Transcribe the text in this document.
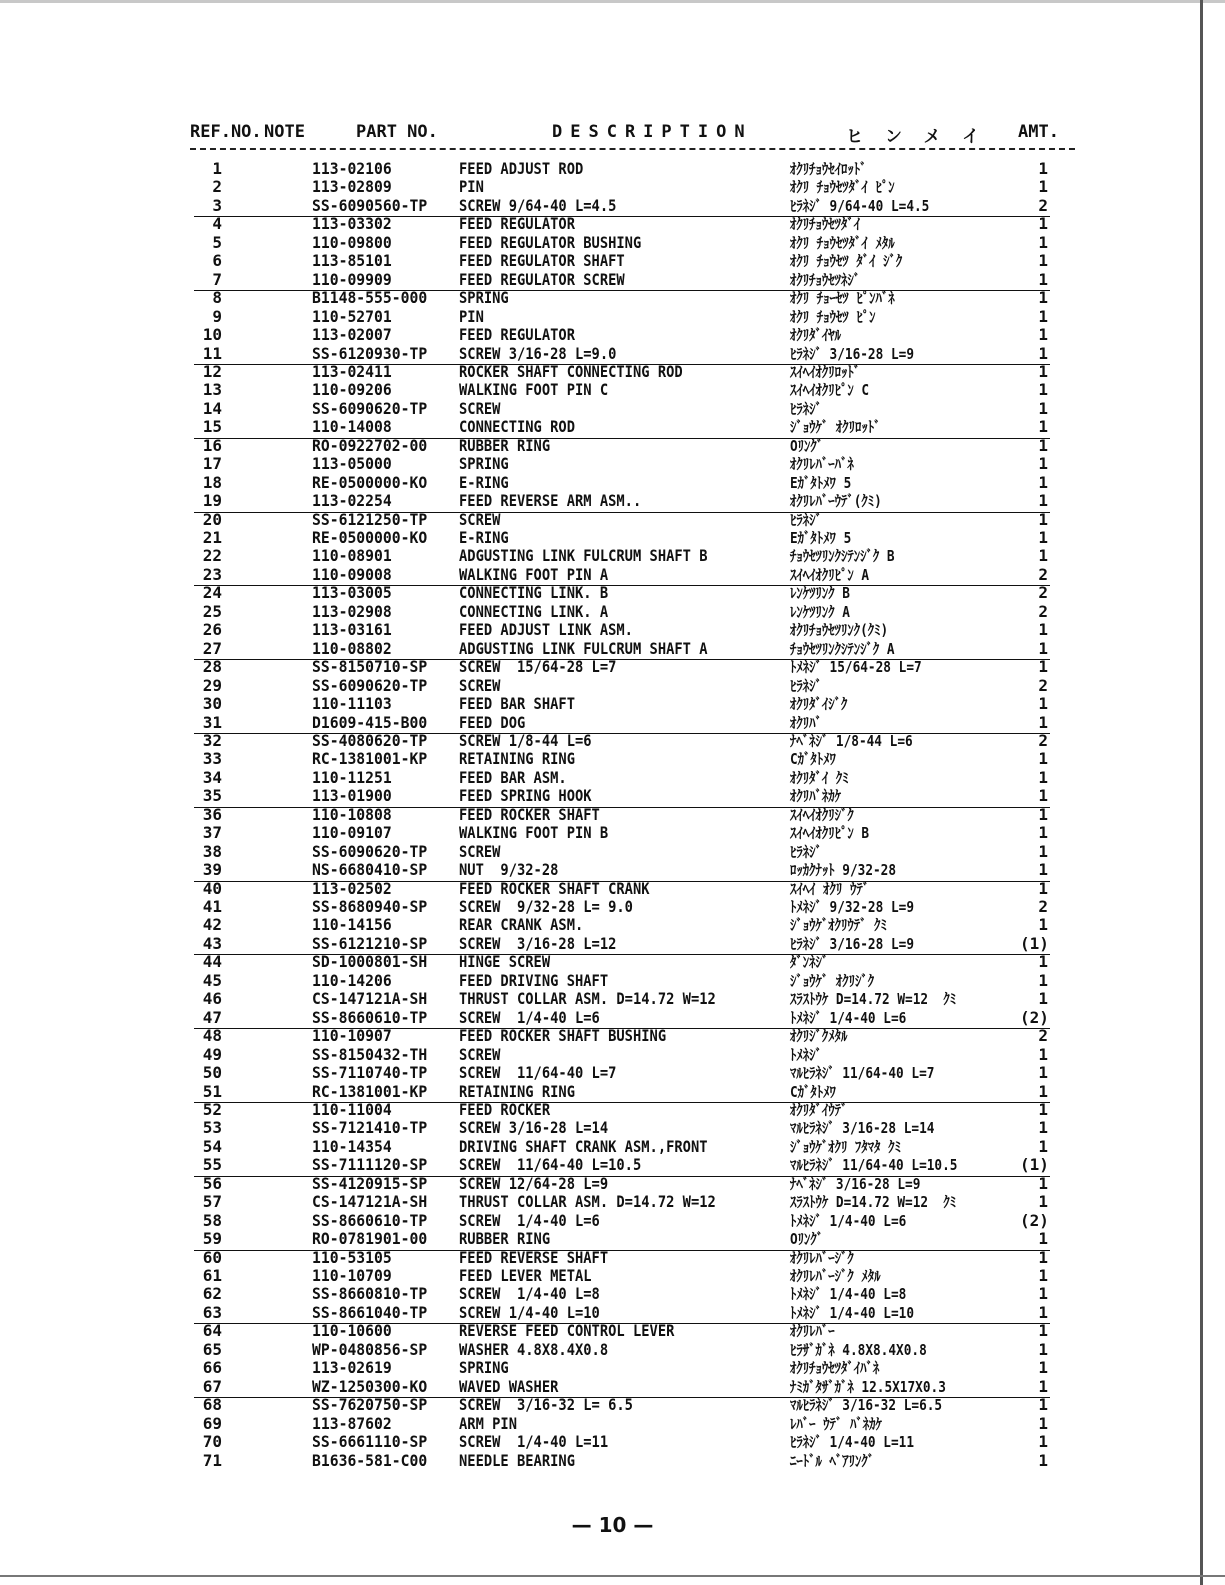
REF.NO. NOTE	PART NO.	DESCRIPTION	ヒンメイ AMT.
1	113-02106	FEED ADJUST ROD	ｵｸﾘﾁｮｳｾｲﾛｯﾄﾞ	1
2	113-02809	PIN	ｵｸﾘ ﾁｮｳｾﾂﾀﾞｲ ﾋﾟﾝ	1
3	SS-6090560-TP SCREW 9/64-40 L=4.5	ﾋﾗﾈｼﾞ 9/64-40 L=4.5	2
4	113-03302	FEED REGULATOR	ｵｸﾘﾁｮｳｾﾂﾀﾞｲ	1
5	110-09800	FEED REGULATOR BUSHING	ｵｸﾘ ﾁｮｳｾﾂﾀﾞｲ ﾒﾀﾙ	1
6	113-85101	FEED REGULATOR SHAFT	ｵｸﾘ ﾁｮｳｾﾂ ﾀﾞｲ ｼﾞｸ	1
7	110-09909	FEED REGULATOR SCREW	ｵｸﾘﾁｮｳｾﾂﾈｼﾞ	1
8	B1148-555-000 SPRING	ｵｸﾘ ﾁｮｰｾﾂ ﾋﾟﾝﾊﾞﾈ	1
9	110-52701	PIN	ｵｸﾘ ﾁｮｳｾﾂ ﾋﾟﾝ	1
10	113-02007	FEED REGULATOR	ｵｸﾘﾀﾞｲﾔﾙ	1
11	SS-6120930-TP SCREW 3/16-28 L=9.0	ﾋﾗﾈｼﾞ 3/16-28 L=9	1
12	113-02411	ROCKER SHAFT CONNECTING ROD	ｽｲﾍｲｵｸﾘﾛｯﾄﾞ	1
13	110-09206	WALKING FOOT PIN C	ｽｲﾍｲｵｸﾘﾋﾟﾝ C	1
14	SS-6090620-TP SCREW	ﾋﾗﾈｼﾞ	1
15	110-14008	CONNECTING ROD	ｼﾞｮｳｹﾞ ｵｸﾘﾛｯﾄﾞ	1
16	RO-0922702-00 RUBBER RING	Oﾘﾝｸﾞ	1
17	113-05000	SPRING	ｵｸﾘﾚﾊﾞｰﾊﾞﾈ	1
18	RE-0500000-KO E-RING	Eｶﾞﾀﾄﾒﾜ 5	1
19	113-02254	FEED REVERSE ARM ASM..	ｵｸﾘﾚﾊﾞｰｳﾃﾞ(ｸﾐ)	1
20	SS-6121250-TP SCREW	ﾋﾗﾈｼﾞ	1
21	RE-0500000-KO E-RING	Eｶﾞﾀﾄﾒﾜ 5	1
22	110-08901	ADGUSTING LINK FULCRUM SHAFT B	ﾁｮｳｾﾂﾘﾝｸｼﾃﾝｼﾞｸ B	1
23	110-09008	WALKING FOOT PIN A	ｽｲﾍｲｵｸﾘﾋﾟﾝ A	2
24	113-03005	CONNECTING LINK. B	ﾚﾝｹﾂﾘﾝｸ B	2
25	113-02908	CONNECTING LINK. A	ﾚﾝｹﾂﾘﾝｸ A	2
26	113-03161	FEED ADJUST LINK ASM.	ｵｸﾘﾁｮｳｾﾂﾘﾝｸ(ｸﾐ)	1
27	110-08802	ADGUSTING LINK FULCRUM SHAFT A	ﾁｮｳｾﾂﾘﾝｸｼﾃﾝｼﾞｸ A	1
28	SS-8150710-SP SCREW  15/64-28 L=7	ﾄﾒﾈｼﾞ 15/64-28 L=7	1
29	SS-6090620-TP SCREW	ﾋﾗﾈｼﾞ	2
30	110-11103	FEED BAR SHAFT	ｵｸﾘﾀﾞｲｼﾞｸ	1
31	D1609-415-B00 FEED DOG	ｵｸﾘﾊﾞ	1
32	SS-4080620-TP SCREW 1/8-44 L=6	ﾅﾍﾞﾈｼﾞ 1/8-44 L=6	2
33	RC-1381001-KP RETAINING RING	Cｶﾞﾀﾄﾒﾜ	1
34	110-11251	FEED BAR ASM.	ｵｸﾘﾀﾞｲ ｸﾐ	1
35	113-01900	FEED SPRING HOOK	ｵｸﾘﾊﾞﾈｶｹ	1
36	110-10808	FEED ROCKER SHAFT	ｽｲﾍｲｵｸﾘｼﾞｸ	1
37	110-09107	WALKING FOOT PIN B	ｽｲﾍｲｵｸﾘﾋﾟﾝ B	1
38	SS-6090620-TP SCREW	ﾋﾗﾈｼﾞ	1
39	NS-6680410-SP NUT  9/32-28	ﾛｯｶｸﾅｯﾄ 9/32-28	1
40	113-02502	FEED ROCKER SHAFT CRANK	ｽｲﾍｲ ｵｸﾘ ｳﾃﾞ	1
41	SS-8680940-SP SCREW  9/32-28 L= 9.0	ﾄﾒﾈｼﾞ 9/32-28 L=9	2
42	110-14156	REAR CRANK ASM.	ｼﾞｮｳｹﾞｵｸﾘｳﾃﾞ ｸﾐ	1
43	SS-6121210-SP SCREW  3/16-28 L=12	ﾋﾗﾈｼﾞ 3/16-28 L=9	(1)
44	SD-1000801-SH HINGE SCREW	ﾀﾞﾝﾈｼﾞ	1
45	110-14206	FEED DRIVING SHAFT	ｼﾞｮｳｹﾞ ｵｸﾘｼﾞｸ	1
46	CS-147121A-SH THRUST COLLAR ASM. D=14.72 W=12	ｽﾗｽﾄｳｹ D=14.72 W=12  ｸﾐ	1
47	SS-8660610-TP SCREW  1/4-40 L=6	ﾄﾒﾈｼﾞ 1/4-40 L=6	(2)
48	110-10907	FEED ROCKER SHAFT BUSHING	ｵｸﾘｼﾞｸﾒﾀﾙ	2
49	SS-8150432-TH SCREW	ﾄﾒﾈｼﾞ	1
50	SS-7110740-TP SCREW  11/64-40 L=7	ﾏﾙﾋﾗﾈｼﾞ 11/64-40 L=7	1
51	RC-1381001-KP RETAINING RING	Cｶﾞﾀﾄﾒﾜ	1
52	110-11004	FEED ROCKER	ｵｸﾘﾀﾞｲｳﾃﾞ	1
53	SS-7121410-TP SCREW 3/16-28 L=14	ﾏﾙﾋﾗﾈｼﾞ 3/16-28 L=14	1
54	110-14354	DRIVING SHAFT CRANK ASM.,FRONT	ｼﾞｮｳｹﾞｵｸﾘ ﾌﾀﾏﾀ ｸﾐ	1
55	SS-7111120-SP SCREW  11/64-40 L=10.5	ﾏﾙﾋﾗﾈｼﾞ 11/64-40 L=10.5	(1)
56	SS-4120915-SP SCREW 12/64-28 L=9	ﾅﾍﾞﾈｼﾞ 3/16-28 L=9	1
57	CS-147121A-SH THRUST COLLAR ASM. D=14.72 W=12	ｽﾗｽﾄｳｹ D=14.72 W=12  ｸﾐ	1
58	SS-8660610-TP SCREW  1/4-40 L=6	ﾄﾒﾈｼﾞ 1/4-40 L=6	(2)
59	RO-0781901-00 RUBBER RING	Oﾘﾝｸﾞ	1
60	110-53105	FEED REVERSE SHAFT	ｵｸﾘﾚﾊﾞｰｼﾞｸ	1
61	110-10709	FEED LEVER METAL	ｵｸﾘﾚﾊﾞｰｼﾞｸ ﾒﾀﾙ	1
62	SS-8660810-TP SCREW  1/4-40 L=8	ﾄﾒﾈｼﾞ 1/4-40 L=8	1
63	SS-8661040-TP SCREW 1/4-40 L=10	ﾄﾒﾈｼﾞ 1/4-40 L=10	1
64	110-10600	REVERSE FEED CONTROL LEVER	ｵｸﾘﾚﾊﾞｰ	1
65	WP-0480856-SP WASHER 4.8X8.4X0.8	ﾋﾗｻﾞｶﾞﾈ 4.8X8.4X0.8	1
66	113-02619	SPRING	ｵｸﾘﾁｮｳｾﾂﾀﾞｲﾊﾞﾈ	1
67	WZ-1250300-KO WAVED WASHER	ﾅﾐｶﾞﾀｻﾞｶﾞﾈ 12.5X17X0.3	1
68	SS-7620750-SP SCREW  3/16-32 L= 6.5	ﾏﾙﾋﾗﾈｼﾞ 3/16-32 L=6.5	1
69	113-87602	ARM PIN	ﾚﾊﾞｰ ｳﾃﾞ ﾊﾞﾈｶｹ	1
70	SS-6661110-SP SCREW  1/4-40 L=11	ﾋﾗﾈｼﾞ 1/4-40 L=11	1
71	B1636-581-C00 NEEDLE BEARING	ﾆｰﾄﾞﾙ ﾍﾞｱﾘﾝｸﾞ	1
— 10 —
